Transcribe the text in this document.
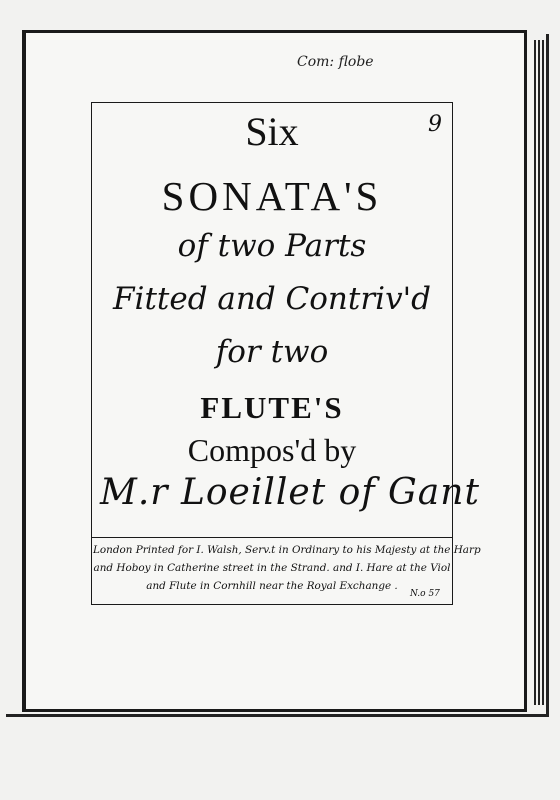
Com: flobe
9
Six
SONATA'S
of two Parts
Fitted and Contriv'd
for two
FLUTE'S
Compos'd by
M.r Loeillet of Gant
London Printed for I. Walsh, Serv.t in Ordinary to his Majesty at the Harp
and Hoboy in Catherine street in the Strand. and I. Hare at the Viol
and Flute in Cornhill near the Royal Exchange .
N.o 57
